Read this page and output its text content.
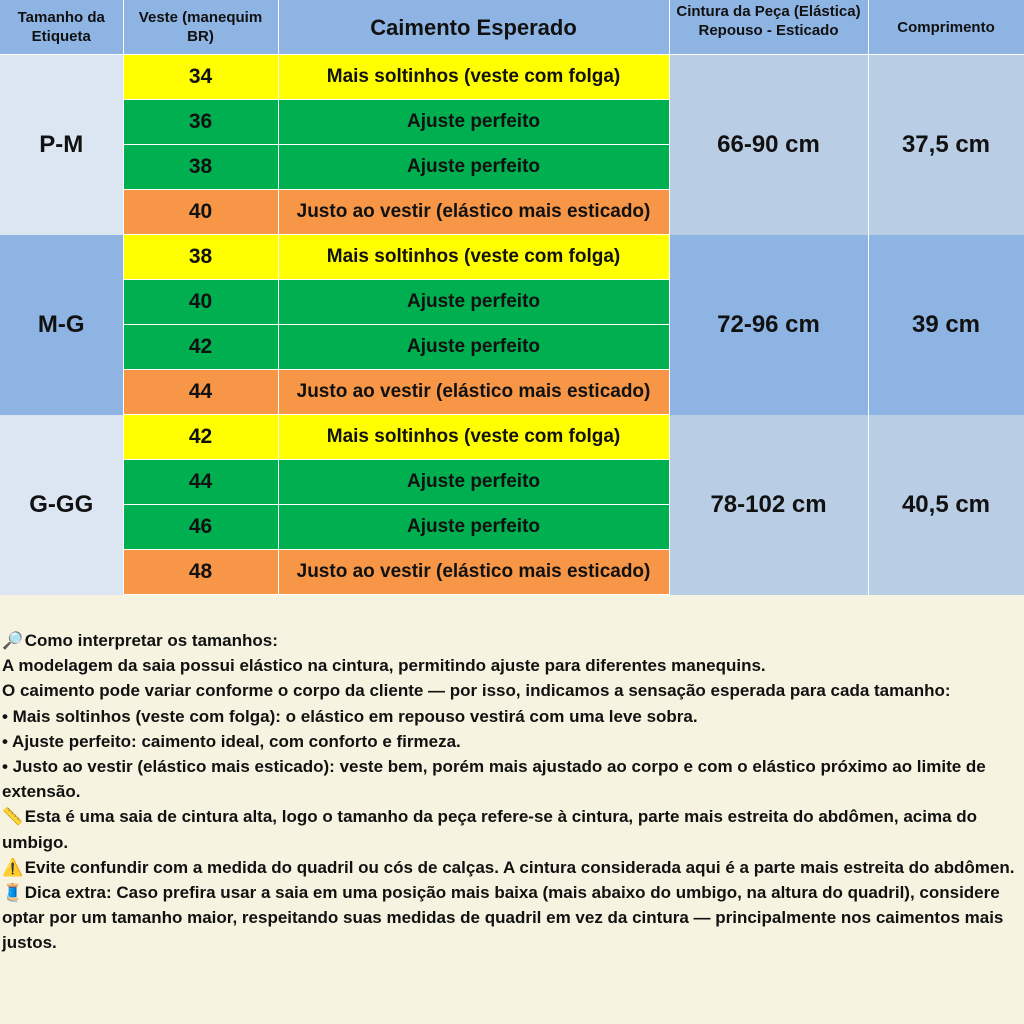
Tamanho da Etiqueta	Veste (manequim BR)	Caimento Esperado	Cintura da Peça (Elástica) Repouso - Esticado	Comprimento
P-M	34	Mais soltinhos (veste com folga)	66-90 cm	37,5 cm
	36	Ajuste perfeito		
	38	Ajuste perfeito		
	40	Justo ao vestir (elástico mais esticado)		
M-G	38	Mais soltinhos (veste com folga)	72-96 cm	39 cm
	40	Ajuste perfeito		
	42	Ajuste perfeito		
	44	Justo ao vestir (elástico mais esticado)		
G-GG	42	Mais soltinhos (veste com folga)	78-102 cm	40,5 cm
	44	Ajuste perfeito		
	46	Ajuste perfeito		
	48	Justo ao vestir (elástico mais esticado)		

🔎 Como interpretar os tamanhos:

A modelagem da saia possui elástico na cintura, permitindo ajuste para diferentes manequins.

O caimento pode variar conforme o corpo da cliente — por isso, indicamos a sensação esperada para cada tamanho:

• Mais soltinhos (veste com folga): o elástico em repouso vestirá com uma leve sobra.

• Ajuste perfeito: caimento ideal, com conforto e firmeza.

• Justo ao vestir (elástico mais esticado): veste bem, porém mais ajustado ao corpo e com o elástico próximo ao limite de extensão.

📏 Esta é uma saia de cintura alta, logo o tamanho da peça refere-se à cintura, parte mais estreita do abdômen, acima do umbigo.

⚠️ Evite confundir com a medida do quadril ou cós de calças. A cintura considerada aqui é a parte mais estreita do abdômen.

🧵 Dica extra: Caso prefira usar a saia em uma posição mais baixa (mais abaixo do umbigo, na altura do quadril), considere optar por um tamanho maior, respeitando suas medidas de quadril em vez da cintura — principalmente nos caimentos mais justos.
